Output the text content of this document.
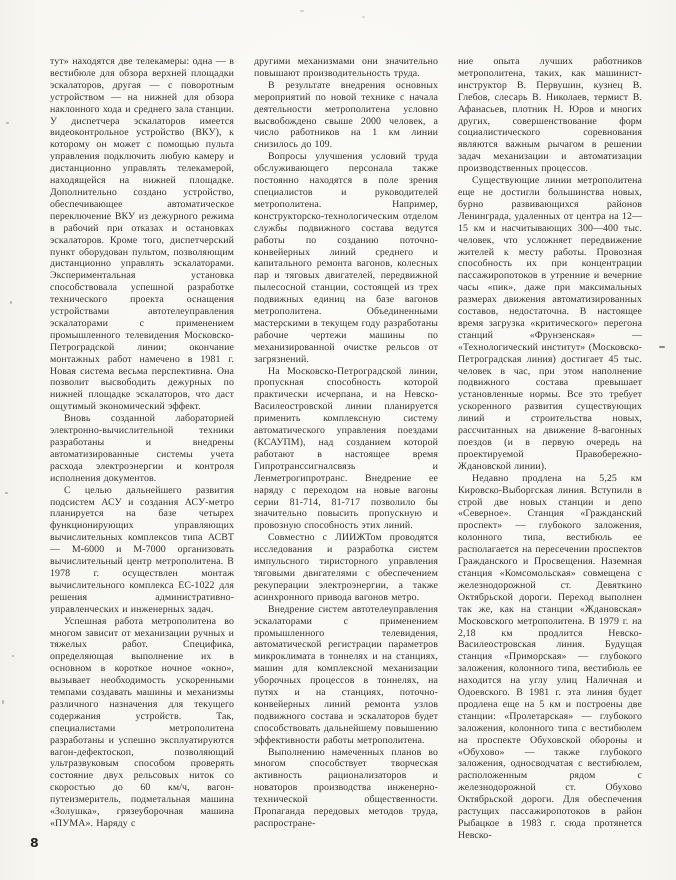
тут» находятся две телекамеры: одна — в вестибюле для обзора верхней площадки эскалаторов, другая — с поворотным устройством — на нижней для обзора наклонного хода и среднего зала станции. У диспетчера эскалаторов имеется видеоконтрольное устройство (ВКУ), к которому он может с помощью пульта управления подключить любую камеру и дистанционно управлять телекамерой, находящейся на нижней площадке. Дополнительно создано устройство, обеспечивающее автоматическое переключение ВКУ из дежурного режима в рабочий при отказах и остановках эскалаторов. Кроме того, диспетчерский пункт оборудован пультом, позволяющим дистанционно управлять эскалаторами. Экспериментальная установка способствовала успешной разработке технического проекта оснащения устройствами автотелеуправления эскалаторами с применением промышленного телевидения Московско-Петроградской линии; окончание монтажных работ намечено в 1981 г. Новая система весьма перспективна. Она позволит высвободить дежурных по нижней площадке эскалаторов, что даст ощутимый экономический эффект.

Вновь созданной лабораторией электронно-вычислительной техники разработаны и внедрены автоматизированные системы учета расхода электроэнергии и контроля исполнения документов.

С целью дальнейшего развития подсистем АСУ и создания АСУ-метро планируется на базе четырех функционирующих управляющих вычислительных комплексов типа АСВТ — М-6000 и М-7000 организовать вычислительный центр метрополитена. В 1978 г. осуществлен монтаж вычислительного комплекса ЕС-1022 для решения административно-управленческих и инженерных задач.

Успешная работа метрополитена во многом зависит от механизации ручных и тяжелых работ. Специфика, определяющая выполнение их в основном в короткое ночное «окно», вызывает необходимость ускоренными темпами создавать машины и механизмы различного назначения для текущего содержания устройств. Так, специалистами метрополитена разработаны и успешно эксплуатируются вагон-дефектоскоп, позволяющий ультразвуковым способом проверять состояние двух рельсовых ниток со скоростью до 60 км/ч, вагон-путеизмеритель, подметальная машина «Золушка», грязеуборочная машина «ПУМА». Наряду с

другими механизмами они значительно повышают производительность труда.

В результате внедрения основных мероприятий по новой технике с начала деятельности метрополитена условно высвобождено свыше 2000 человек, а число работников на 1 км линии снизилось до 109.

Вопросы улучшения условий труда обслуживающего персонала также постоянно находятся в поле зрения специалистов и руководителей метрополитена. Например, конструкторско-технологическим отделом службы подвижного состава ведутся работы по созданию поточно-конвейерных линий среднего и капитального ремонта вагонов, колесных пар и тяговых двигателей, передвижной пылесосной станции, состоящей из трех подвижных единиц на базе вагонов метрополитена. Объединенными мастерскими в текущем году разработаны рабочие чертежи машины по механизированной очистке рельсов от загрязнений.

На Московско-Петроградской линии, пропускная способность которой практически исчерпана, и на Невско-Василеостровской линии планируется применить комплексную систему автоматического управления поездами (КСАУПМ), над созданием которой работают в настоящее время Гипротранссигналсвязь и Ленметрогипротранс. Внедрение ее наряду с переходом на новые вагоны серии 81-714, 81-717 позволило бы значительно повысить пропускную и провозную способность этих линий.

Совместно с ЛИИЖТом проводятся исследования и разработка систем импульсного тиристорного управления тяговыми двигателями с обеспечением рекуперации электроэнергии, а также асинхронного привода вагонов метро.

Внедрение систем автотелеуправления эскалаторами с применением промышленного телевидения, автоматической регистрации параметров микроклимата в тоннелях и на станциях, машин для комплексной механизации уборочных процессов в тоннелях, на путях и на станциях, поточно-конвейерных линий ремонта узлов подвижного состава и эскалаторов будет способствовать дальнейшему повышению эффективности работы метрополитена.

Выполнению намеченных планов во многом способствует творческая активность рационализаторов и новаторов производства инженерно-технической общественности. Пропаганда передовых методов труда, распростране-

ние опыта лучших работников метрополитена, таких, как машинист-инструктор В. Первушин, кузнец В. Глебов, слесарь В. Николаев, термист В. Афанасьев, плотник Н. Юров и многих других, совершенствование форм социалистического соревнования являются важным рычагом в решении задач механизации и автоматизации производственных процессов.

Существующие линии метрополитена еще не достигли большинства новых, бурно развивающихся районов Ленинграда, удаленных от центра на 12—15 км и насчитывающих 300—400 тыс. человек, что усложняет передвижение жителей к месту работы. Провозная способность их при концентрации пассажиропотоков в утренние и вечерние часы «пик», даже при максимальных размерах движения автоматизированных составов, недостаточна. В настоящее время загрузка «критического» перегона станций «Фрунзенская» — «Технологический институт» (Московско-Петроградская линия) достигает 45 тыс. человек в час, при этом наполнение подвижного состава превышает установленные нормы. Все это требует ускоренного развития существующих линий и строительства новых, рассчитанных на движение 8-вагонных поездов (и в первую очередь на проектируемой Правобережно-Ждановской линии).

Недавно продлена на 5,25 км Кировско-Выборгская линия. Вступили в строй две новых станции и депо «Северное». Станция «Гражданский проспект» — глубокого заложения, колонного типа, вестибюль ее располагается на пересечении проспектов Гражданского и Просвещения. Наземная станция «Комсомольская» совмещена с железнодорожной ст. Девяткино Октябрьской дороги. Переход выполнен так же, как на станции «Ждановская» Московского метрополитена. В 1979 г. на 2,18 км продлится Невско-Василеостровская линия. Будущая станция «Приморская» — глубокого заложения, колонного типа, вестибюль ее находится на углу улиц Наличная и Одоевского. В 1981 г. эта линия будет продлена еще на 5 км и построены две станции: «Пролетарская» — глубокого заложения, колонного типа с вестибюлем на проспекте Обуховской обороны и «Обухово» — также глубокого заложения, односводчатая с вестибюлем, расположенным рядом с железнодорожной ст. Обухово Октябрьской дороги. Для обеспечения растущих пассажиропотоков в район Рыбацкое в 1983 г. сюда протянется Невско-

8
